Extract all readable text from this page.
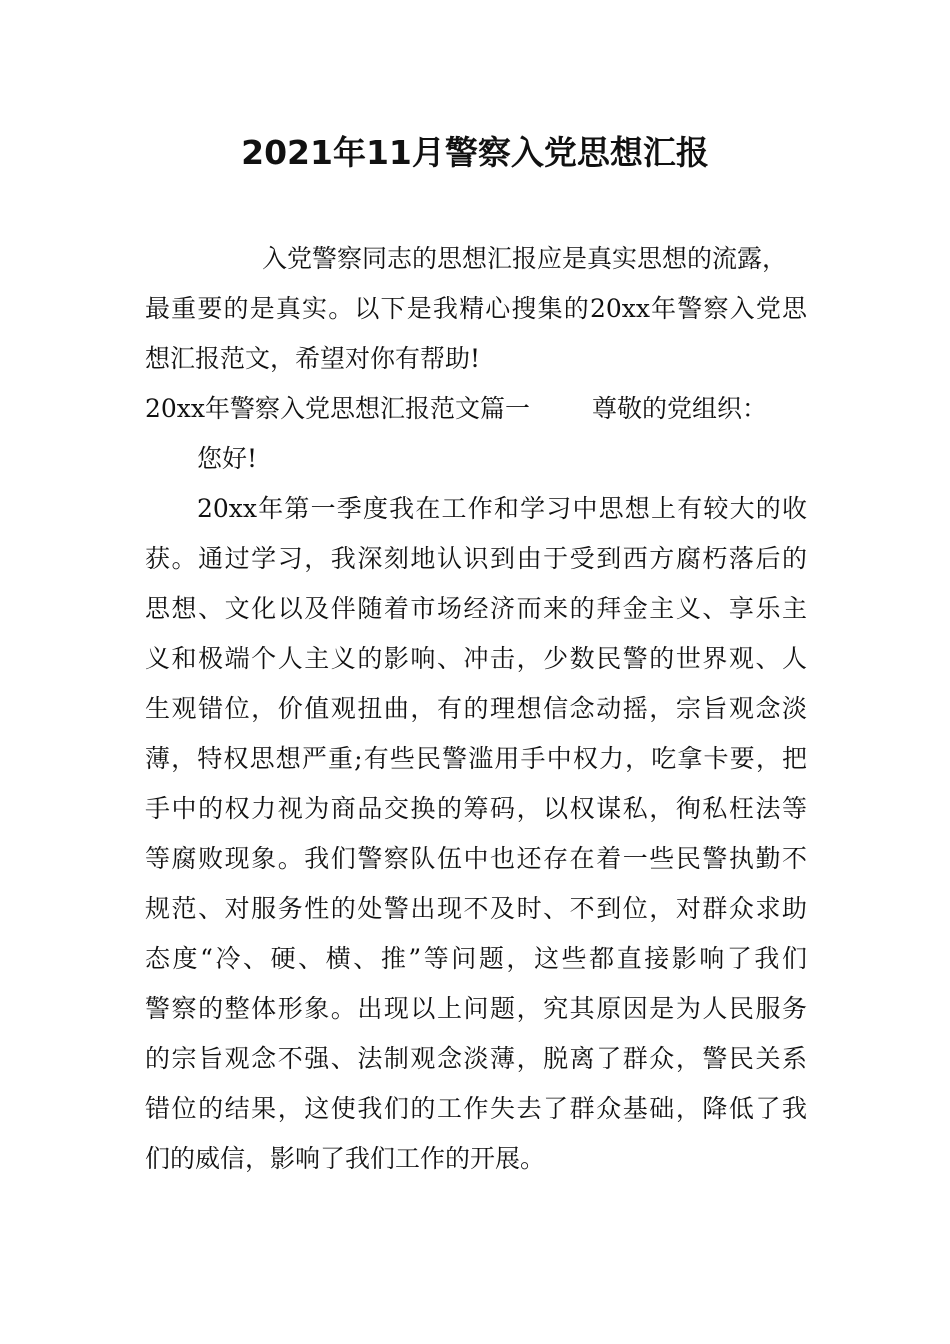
2021年11月警察入党思想汇报

入党警察同志的思想汇报应是真实思想的流露，

最重要的是真实。以下是我精心搜集的20xx年警察入党思

想汇报范文，希望对你有帮助!

20xx年警察入党思想汇报范文篇一 尊敬的党组织：

您好!

20xx年第一季度我在工作和学习中思想上有较大的收

获。通过学习，我深刻地认识到由于受到西方腐朽落后的

思想、文化以及伴随着市场经济而来的拜金主义、享乐主

义和极端个人主义的影响、冲击，少数民警的世界观、人

生观错位，价值观扭曲，有的理想信念动摇，宗旨观念淡

薄，特权思想严重;有些民警滥用手中权力，吃拿卡要，把

手中的权力视为商品交换的筹码，以权谋私，徇私枉法等

等腐败现象。我们警察队伍中也还存在着一些民警执勤不

规范、对服务性的处警出现不及时、不到位，对群众求助

态度“冷、硬、横、推”等问题，这些都直接影响了我们

警察的整体形象。出现以上问题，究其原因是为人民服务

的宗旨观念不强、法制观念淡薄，脱离了群众，警民关系

错位的结果，这使我们的工作失去了群众基础，降低了我

们的威信，影响了我们工作的开展。
